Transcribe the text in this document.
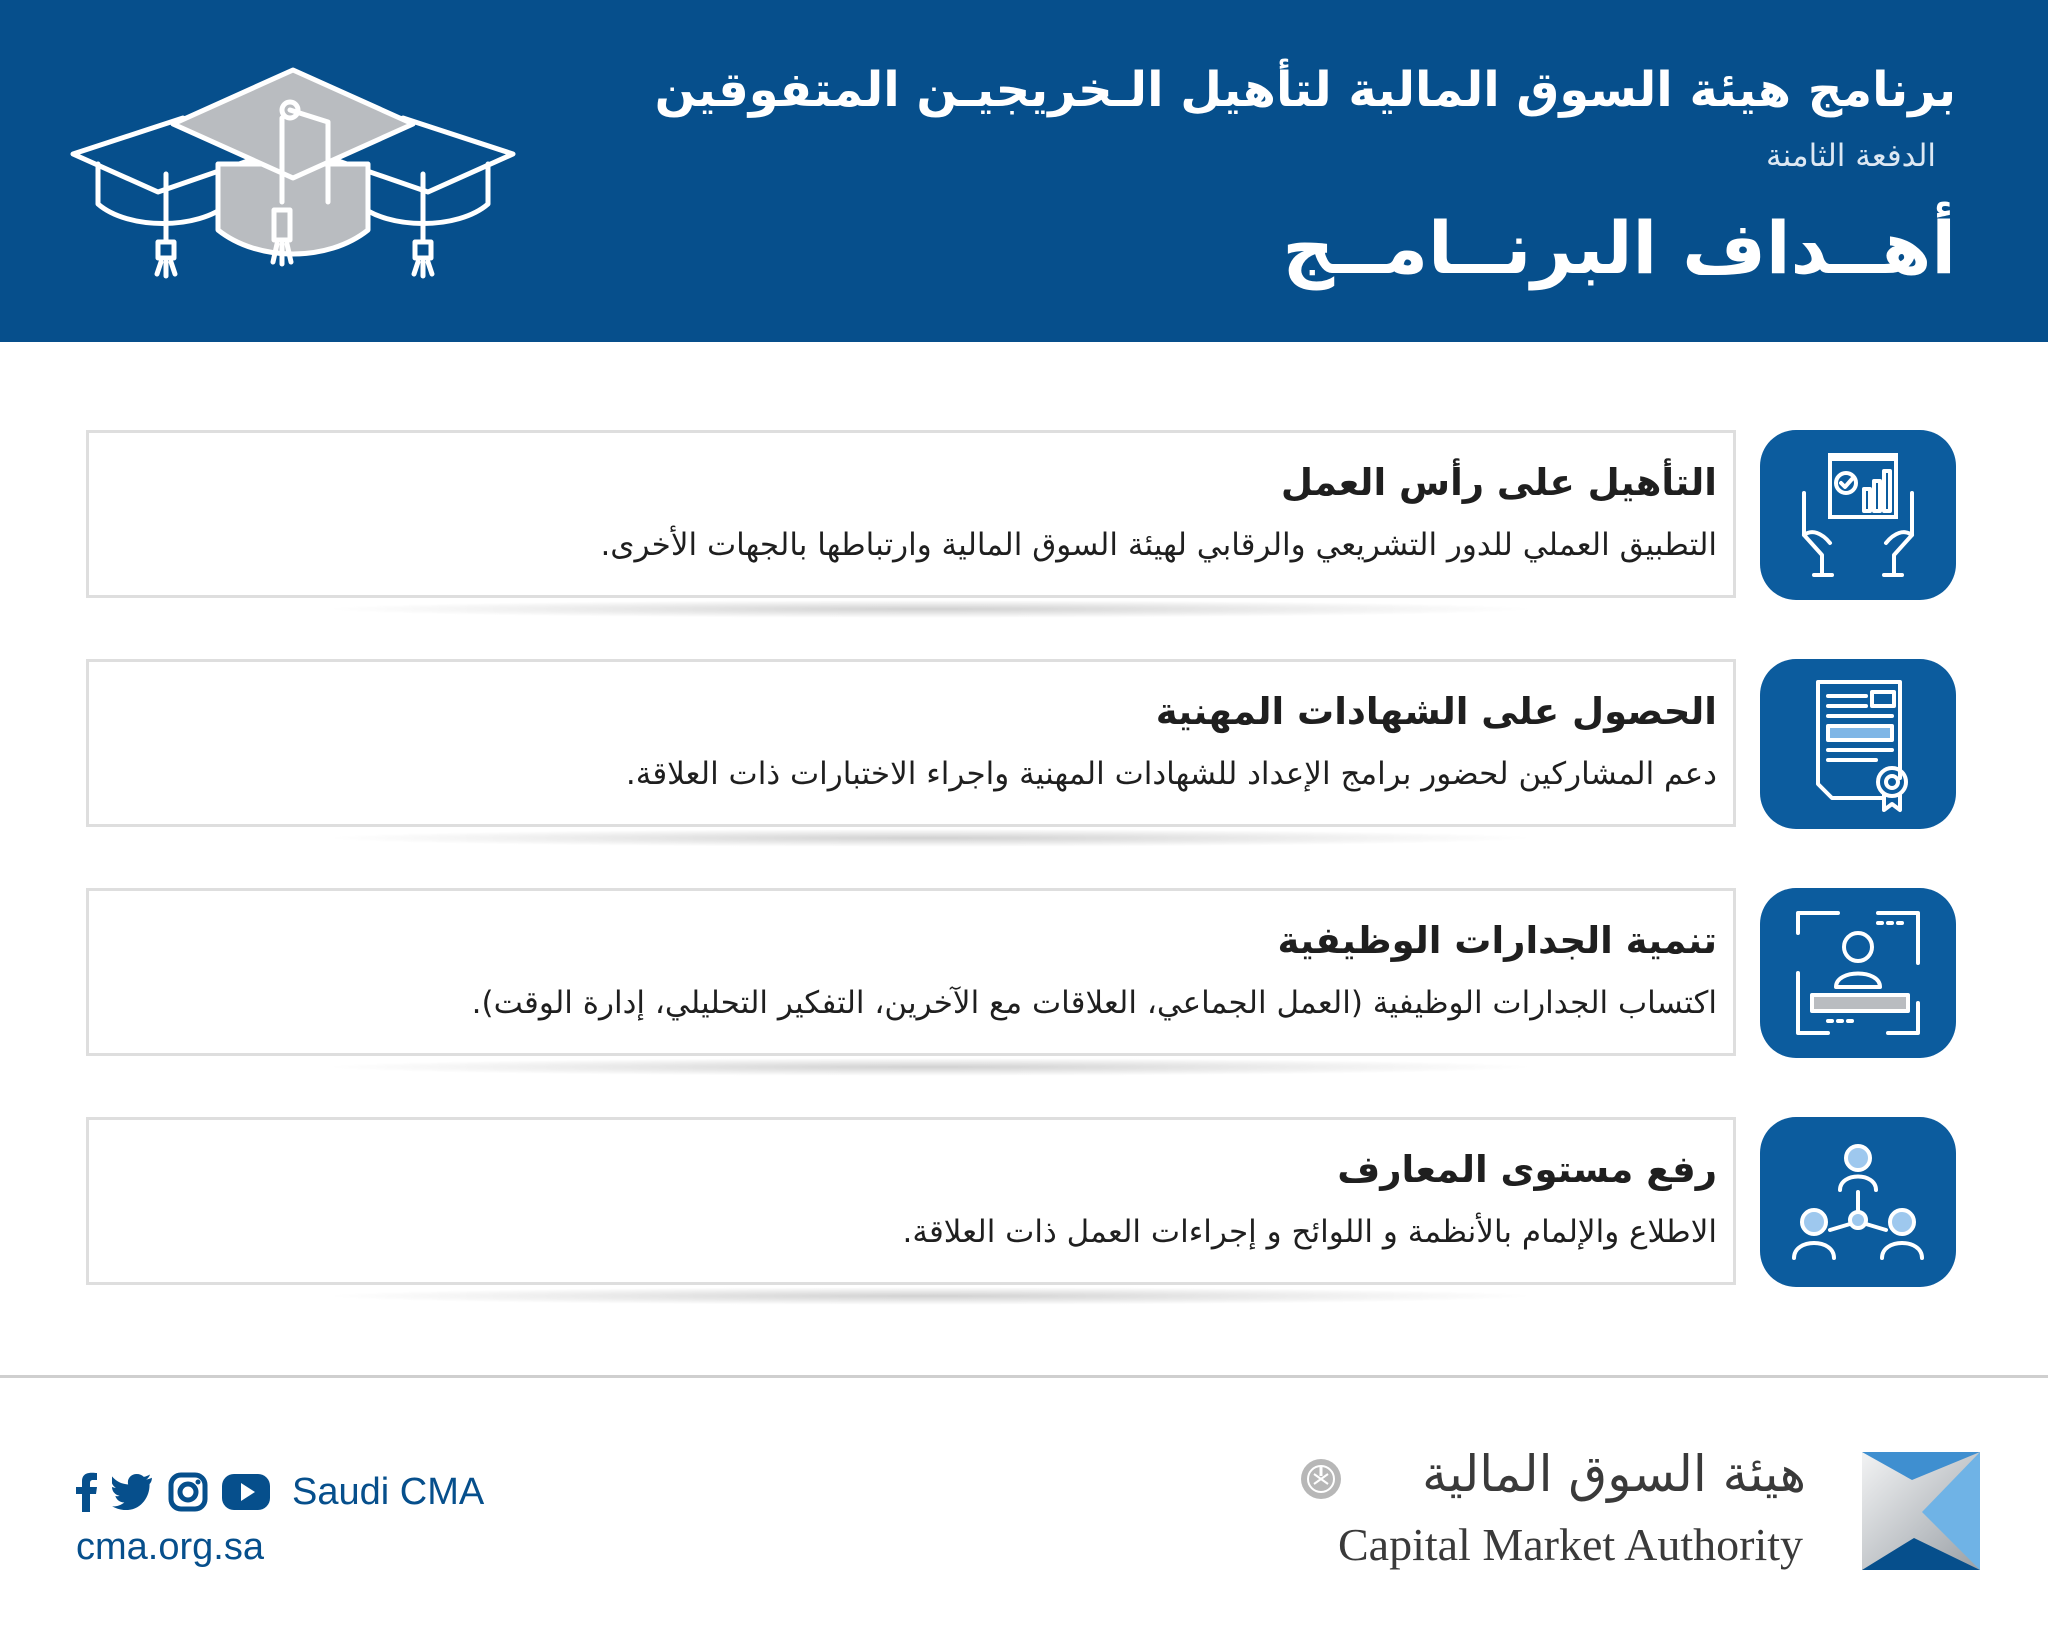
برنامج هيئة السوق المالية لتأهيل الـخريجيـن المتفوقين
الدفعة الثامنة
أهــداف البرنــامــج
التأهيل على رأس العمل
التطبيق العملي للدور التشريعي والرقابي لهيئة السوق المالية وارتباطها بالجهات الأخرى.
الحصول على الشهادات المهنية
دعم المشاركين لحضور برامج الإعداد للشهادات المهنية واجراء الاختبارات ذات العلاقة.
تنمية الجدارات الوظيفية
اكتساب الجدارات الوظيفية (العمل الجماعي، العلاقات مع الآخرين، التفكير التحليلي، إدارة الوقت).
رفع مستوى المعارف
الاطلاع والإلمام بالأنظمة و اللوائح و إجراءات العمل ذات العلاقة.
Saudi CMA
cma.org.sa
هيئة السوق المالية
Capital Market Authority
